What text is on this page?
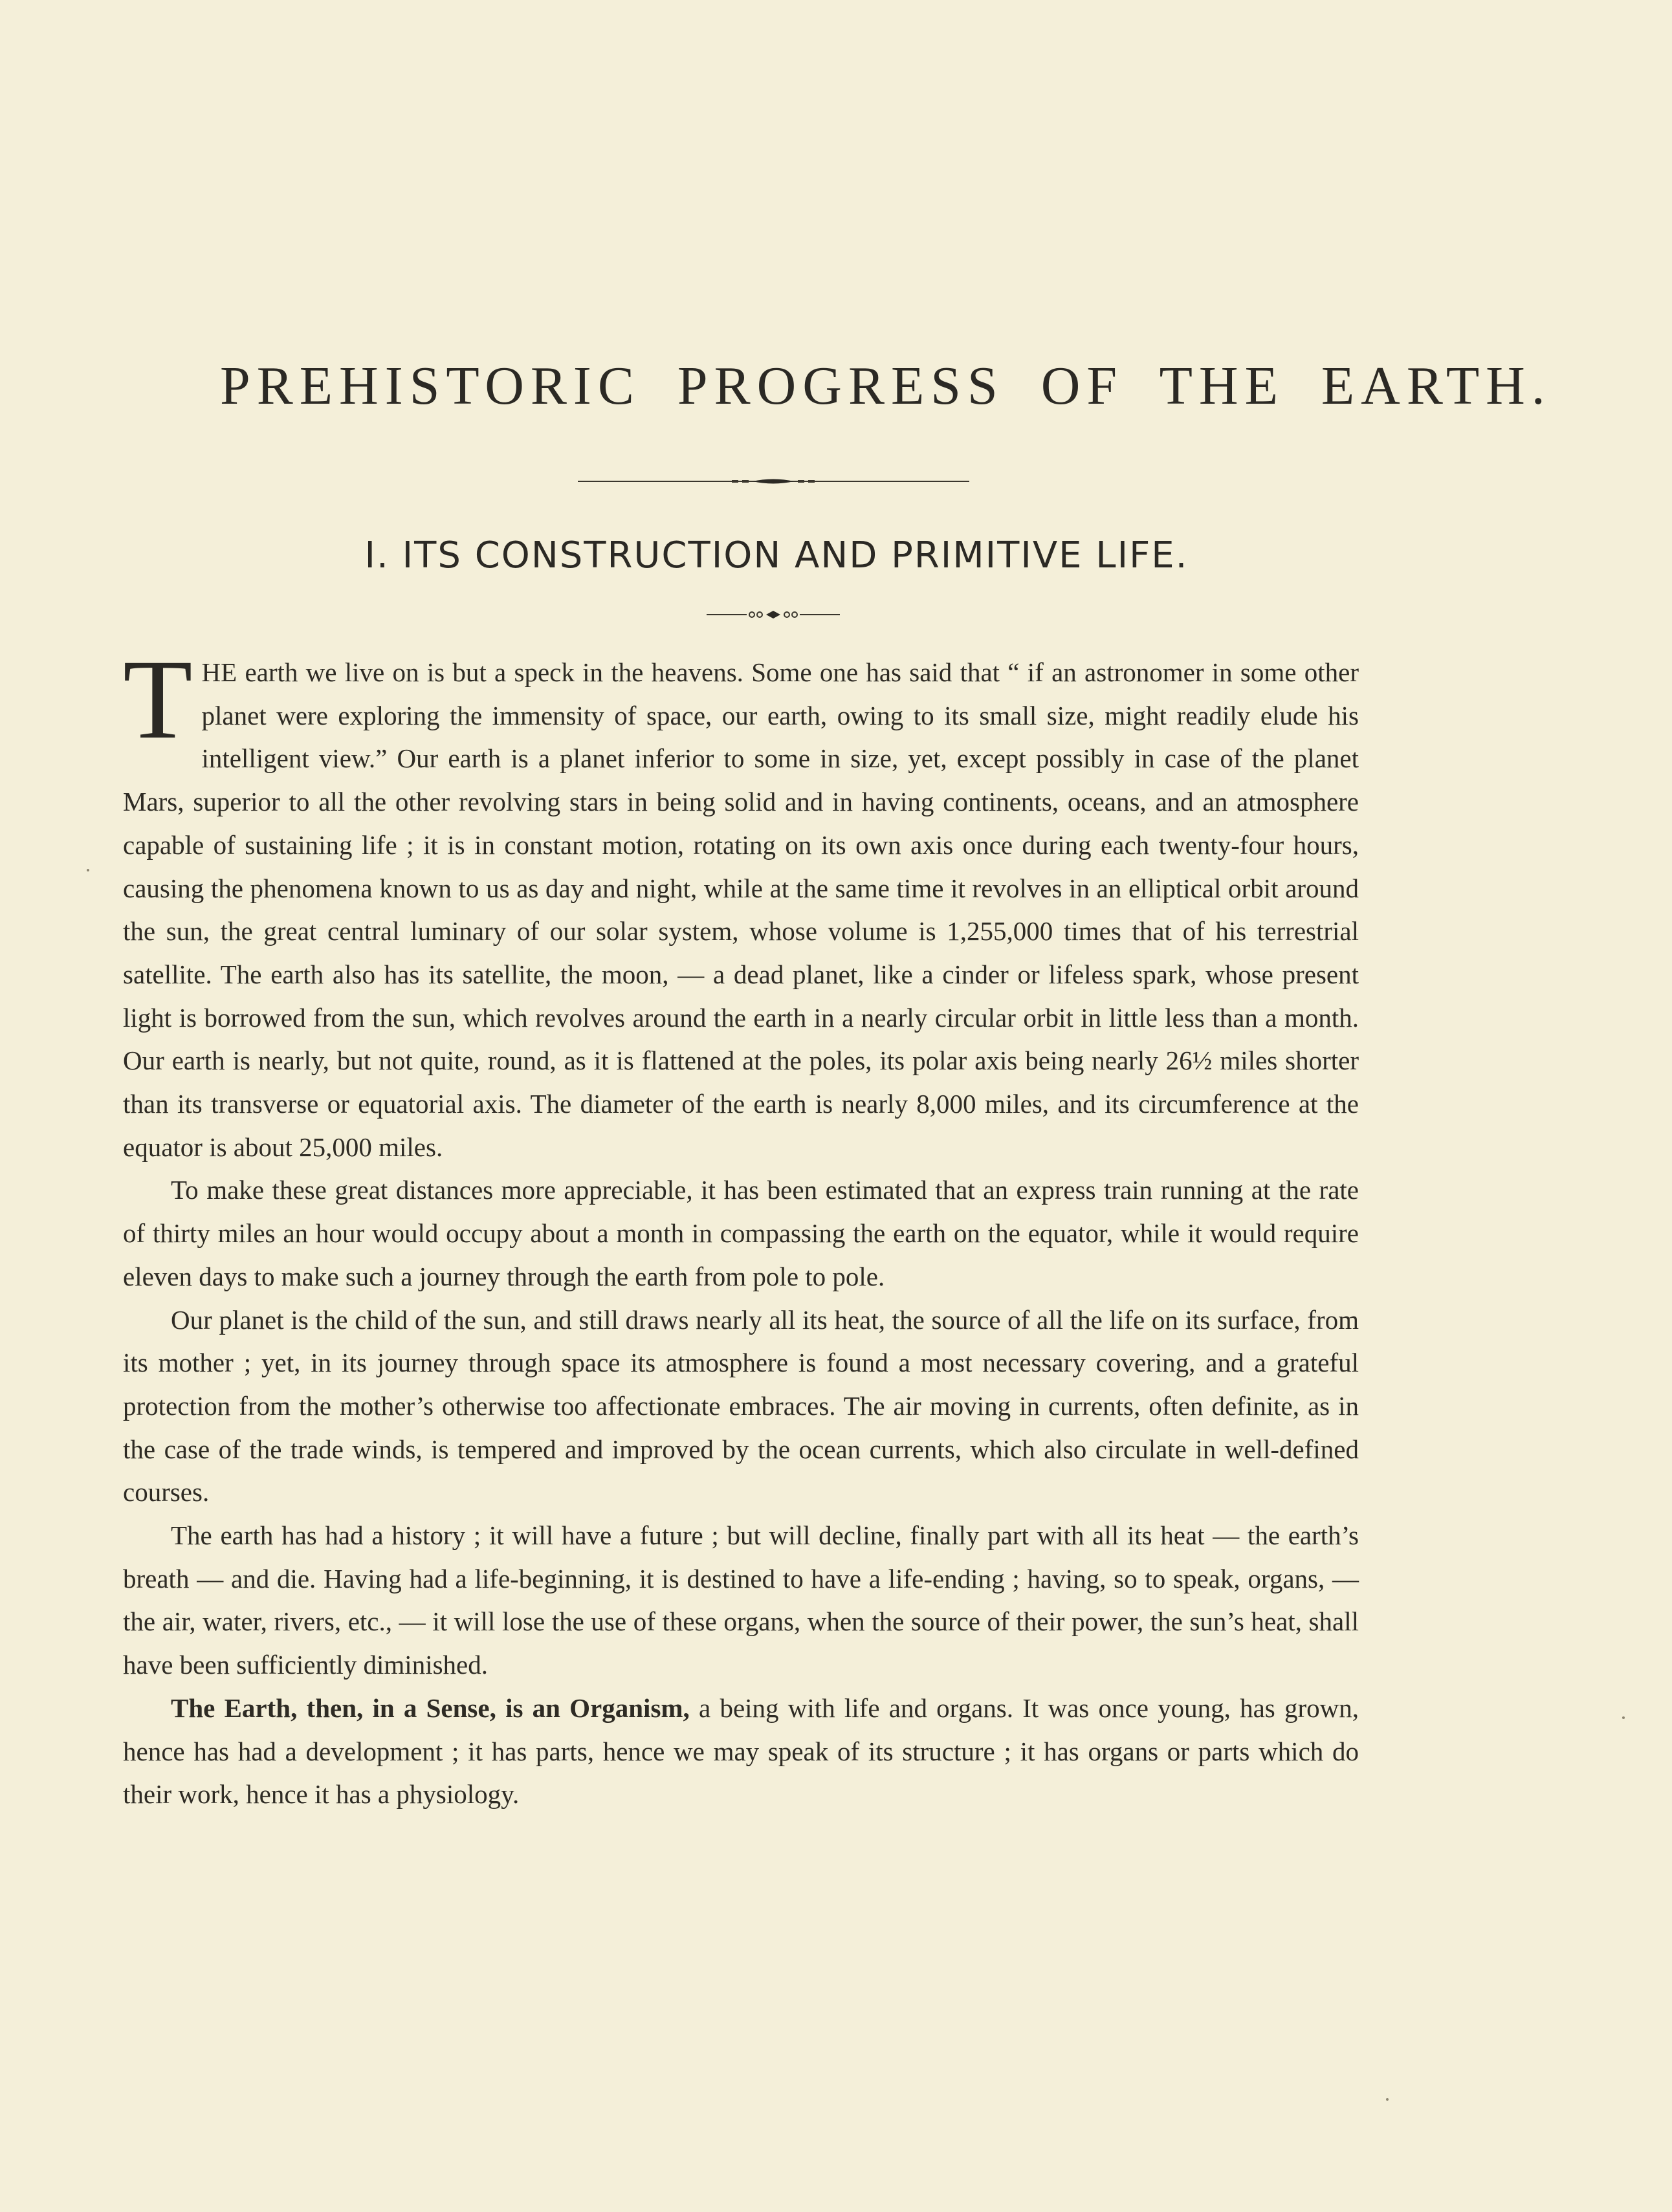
PREHISTORIC PROGRESS OF THE EARTH.
I. ITS CONSTRUCTION AND PRIMITIVE LIFE.

THE earth we live on is but a speck in the heavens. Some one has said that “ if an astronomer in some other planet were exploring the immensity of space, our earth, owing to its small size, might readily elude his intelligent view.” Our earth is a planet inferior to some in size, yet, except possibly in case of the planet Mars, superior to all the other revolving stars in being solid and in having continents, oceans, and an atmosphere capable of sustaining life ; it is in constant motion, rotating on its own axis once during each twenty-four hours, causing the phenomena known to us as day and night, while at the same time it revolves in an elliptical orbit around the sun, the great central luminary of our solar system, whose volume is 1,255,000 times that of his terrestrial satellite. The earth also has its satellite, the moon, — a dead planet, like a cinder or lifeless spark, whose present light is borrowed from the sun, which revolves around the earth in a nearly circular orbit in little less than a month. Our earth is nearly, but not quite, round, as it is flattened at the poles, its polar axis being nearly 26½ miles shorter than its transverse or equatorial axis. The diameter of the earth is nearly 8,000 miles, and its circumference at the equator is about 25,000 miles.

To make these great distances more appreciable, it has been estimated that an express train running at the rate of thirty miles an hour would occupy about a month in compassing the earth on the equator, while it would require eleven days to make such a journey through the earth from pole to pole.

Our planet is the child of the sun, and still draws nearly all its heat, the source of all the life on its surface, from its mother ; yet, in its journey through space its atmosphere is found a most necessary covering, and a grateful protection from the mother’s otherwise too affectionate embraces. The air moving in currents, often definite, as in the case of the trade winds, is tempered and improved by the ocean currents, which also circulate in well-defined courses.

The earth has had a history ; it will have a future ; but will decline, finally part with all its heat — the earth’s breath — and die. Having had a life-beginning, it is destined to have a life-ending ; having, so to speak, organs, — the air, water, rivers, etc., — it will lose the use of these organs, when the source of their power, the sun’s heat, shall have been sufficiently diminished.

The Earth, then, in a Sense, is an Organism, a being with life and organs. It was once young, has grown, hence has had a development ; it has parts, hence we may speak of its structure ; it has organs or parts which do their work, hence it has a physiology.
